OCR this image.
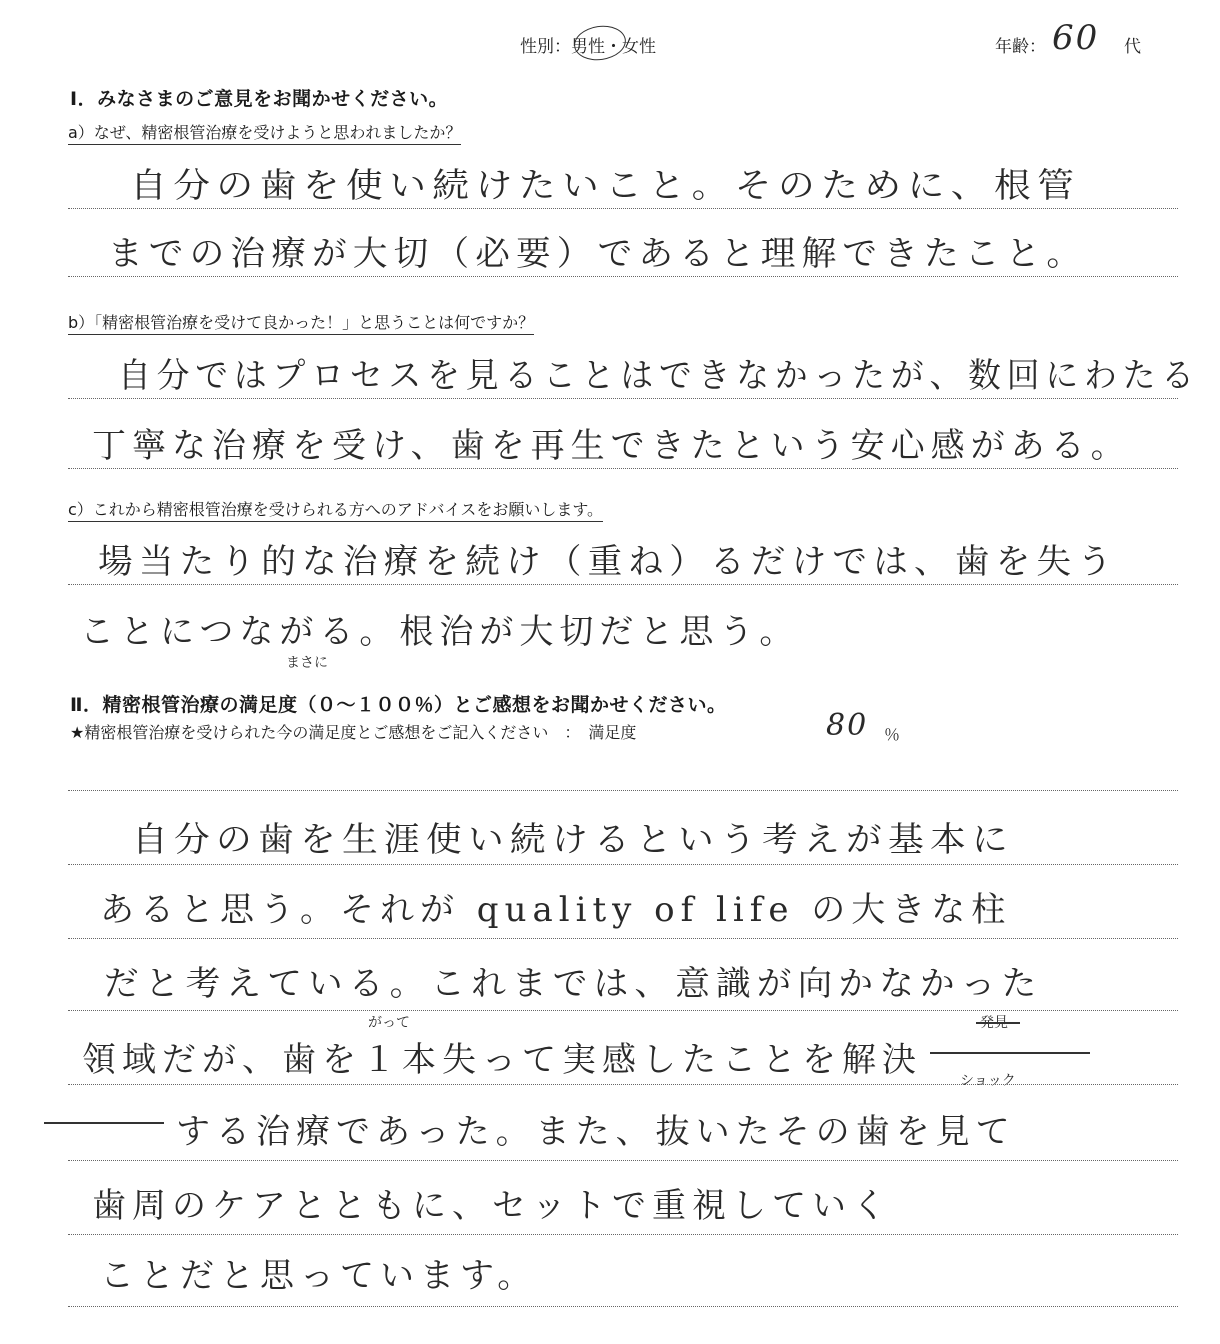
性別：男性・女性	年齢： 60 代
Ⅰ．みなさまのご意見をお聞かせください。
a）なぜ、精密根管治療を受けようと思われましたか？
自分の歯を使い続けたいこと。そのために、根管
までの治療が大切（必要）であると理解できたこと。
b）「精密根管治療を受けて良かった！」と思うことは何ですか？
自分ではプロセスを見ることはできなかったが、数回にわたる
丁寧な治療を受け、歯を再生できたという安心感がある。
c）これから精密根管治療を受けられる方へのアドバイスをお願いします。
場当たり的な治療を続け（重ね）るだけでは、歯を失う
ことにつながる。根治が大切だと思う。
まさに
Ⅱ．精密根管治療の満足度（０～１００％）とご感想をお聞かせください。
★精密根管治療を受けられた今の満足度とご感想をご記入ください　：　満足度	80 ％
自分の歯を生涯使い続けるという考えが基本に
あると思う。それが quality of life の大きな柱
だと考えている。これまでは、意識が向かなかった
がって	発見
領域だが、歯を１本失って実感したことを解決
ショック
する治療であった。また、抜いたその歯を見て
歯周のケアとともに、セットで重視していく
ことだと思っています。
